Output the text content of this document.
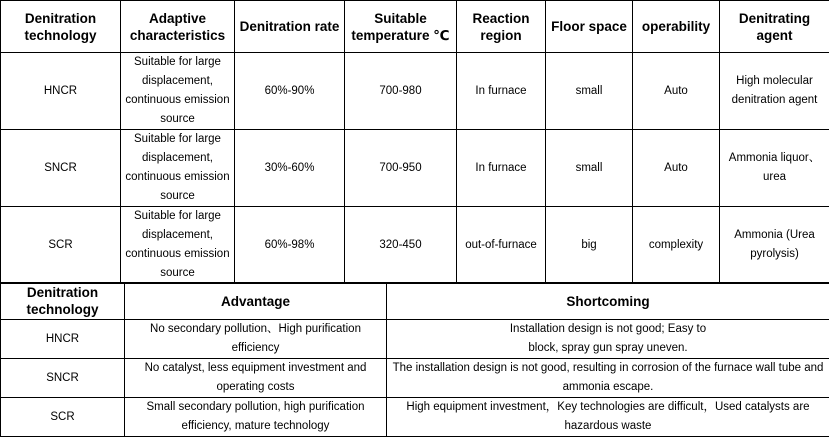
Denitration technology	Adaptive characteristics	Denitration rate	Suitable temperature ℃	Reaction region	Floor space	operability	Denitrating agent
HNCR	Suitable for large displacement, continuous emission source	60%-90%	700-980	In furnace	small	Auto	High molecular denitration agent
SNCR	Suitable for large displacement, continuous emission source	30%-60%	700-950	In furnace	small	Auto	Ammonia liquor、urea
SCR	Suitable for large displacement, continuous emission source	60%-98%	320-450	out-of-furnace	big	complexity	Ammonia (Urea pyrolysis)
Denitration technology	Advantage	Shortcoming
HNCR	No secondary pollution、High purification efficiency	Installation design is not good; Easy to block, spray gun spray uneven.
SNCR	No catalyst, less equipment investment and operating costs	The installation design is not good, resulting in corrosion of the furnace wall tube and ammonia escape.
SCR	Small secondary pollution, high purification efficiency, mature technology	High equipment investment，Key technologies are difficult，Used catalysts are hazardous waste
